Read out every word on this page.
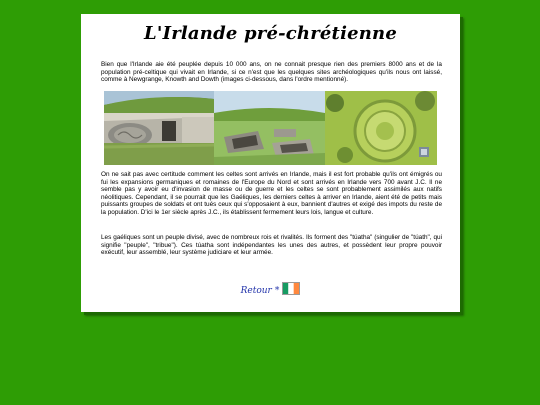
L'Irlande pré-chrétienne

Bien que l'Irlande aie été peuplée depuis 10 000 ans, on ne connait presque rien des premiers 8000 ans et de la population pré-celtique qui vivait en Irlande, si ce n'est que les quelques sites archéologiques qu'ils nous ont laissé, comme à Newgrange, Knowth and Dowth (images ci-dessous, dans l'ordre mentionné).

On ne sait pas avec certitude comment les celtes sont arrivés en Irlande, mais il est fort probable qu'ils ont émigrés ou fui les expansions germaniques et romaines de l'Europe du Nord et sont arrivés en Irlande vers 700 avant J.C. Il ne semble pas y avoir eu d'invasion de masse ou de guerre et les celtes se sont probablement assimilés aux natifs néolitiques. Cependant, il se pourrait que les Gaéliques, les derniers celtes à arriver en Irlande, aient été de petits mais puissants groupes de soldats et ont tués ceux qui s'opposaient à eux, bannient d'autres et exigé des impots du reste de la population. D'ici le 1er siècle après J.C., ils établissent fermement leurs lois, langue et culture.

Les gaéliques sont un peuple divisé, avec de nombreux rois et rivalités. Ils forment des "túatha" (singulier de "túath", qui signifie "peuple", "tribue"). Ces túatha sont indépendantes les unes des autres, et possèdent leur propre pouvoir exécutif, leur assemblé, leur système judiciare et leur armée.

Retour *
